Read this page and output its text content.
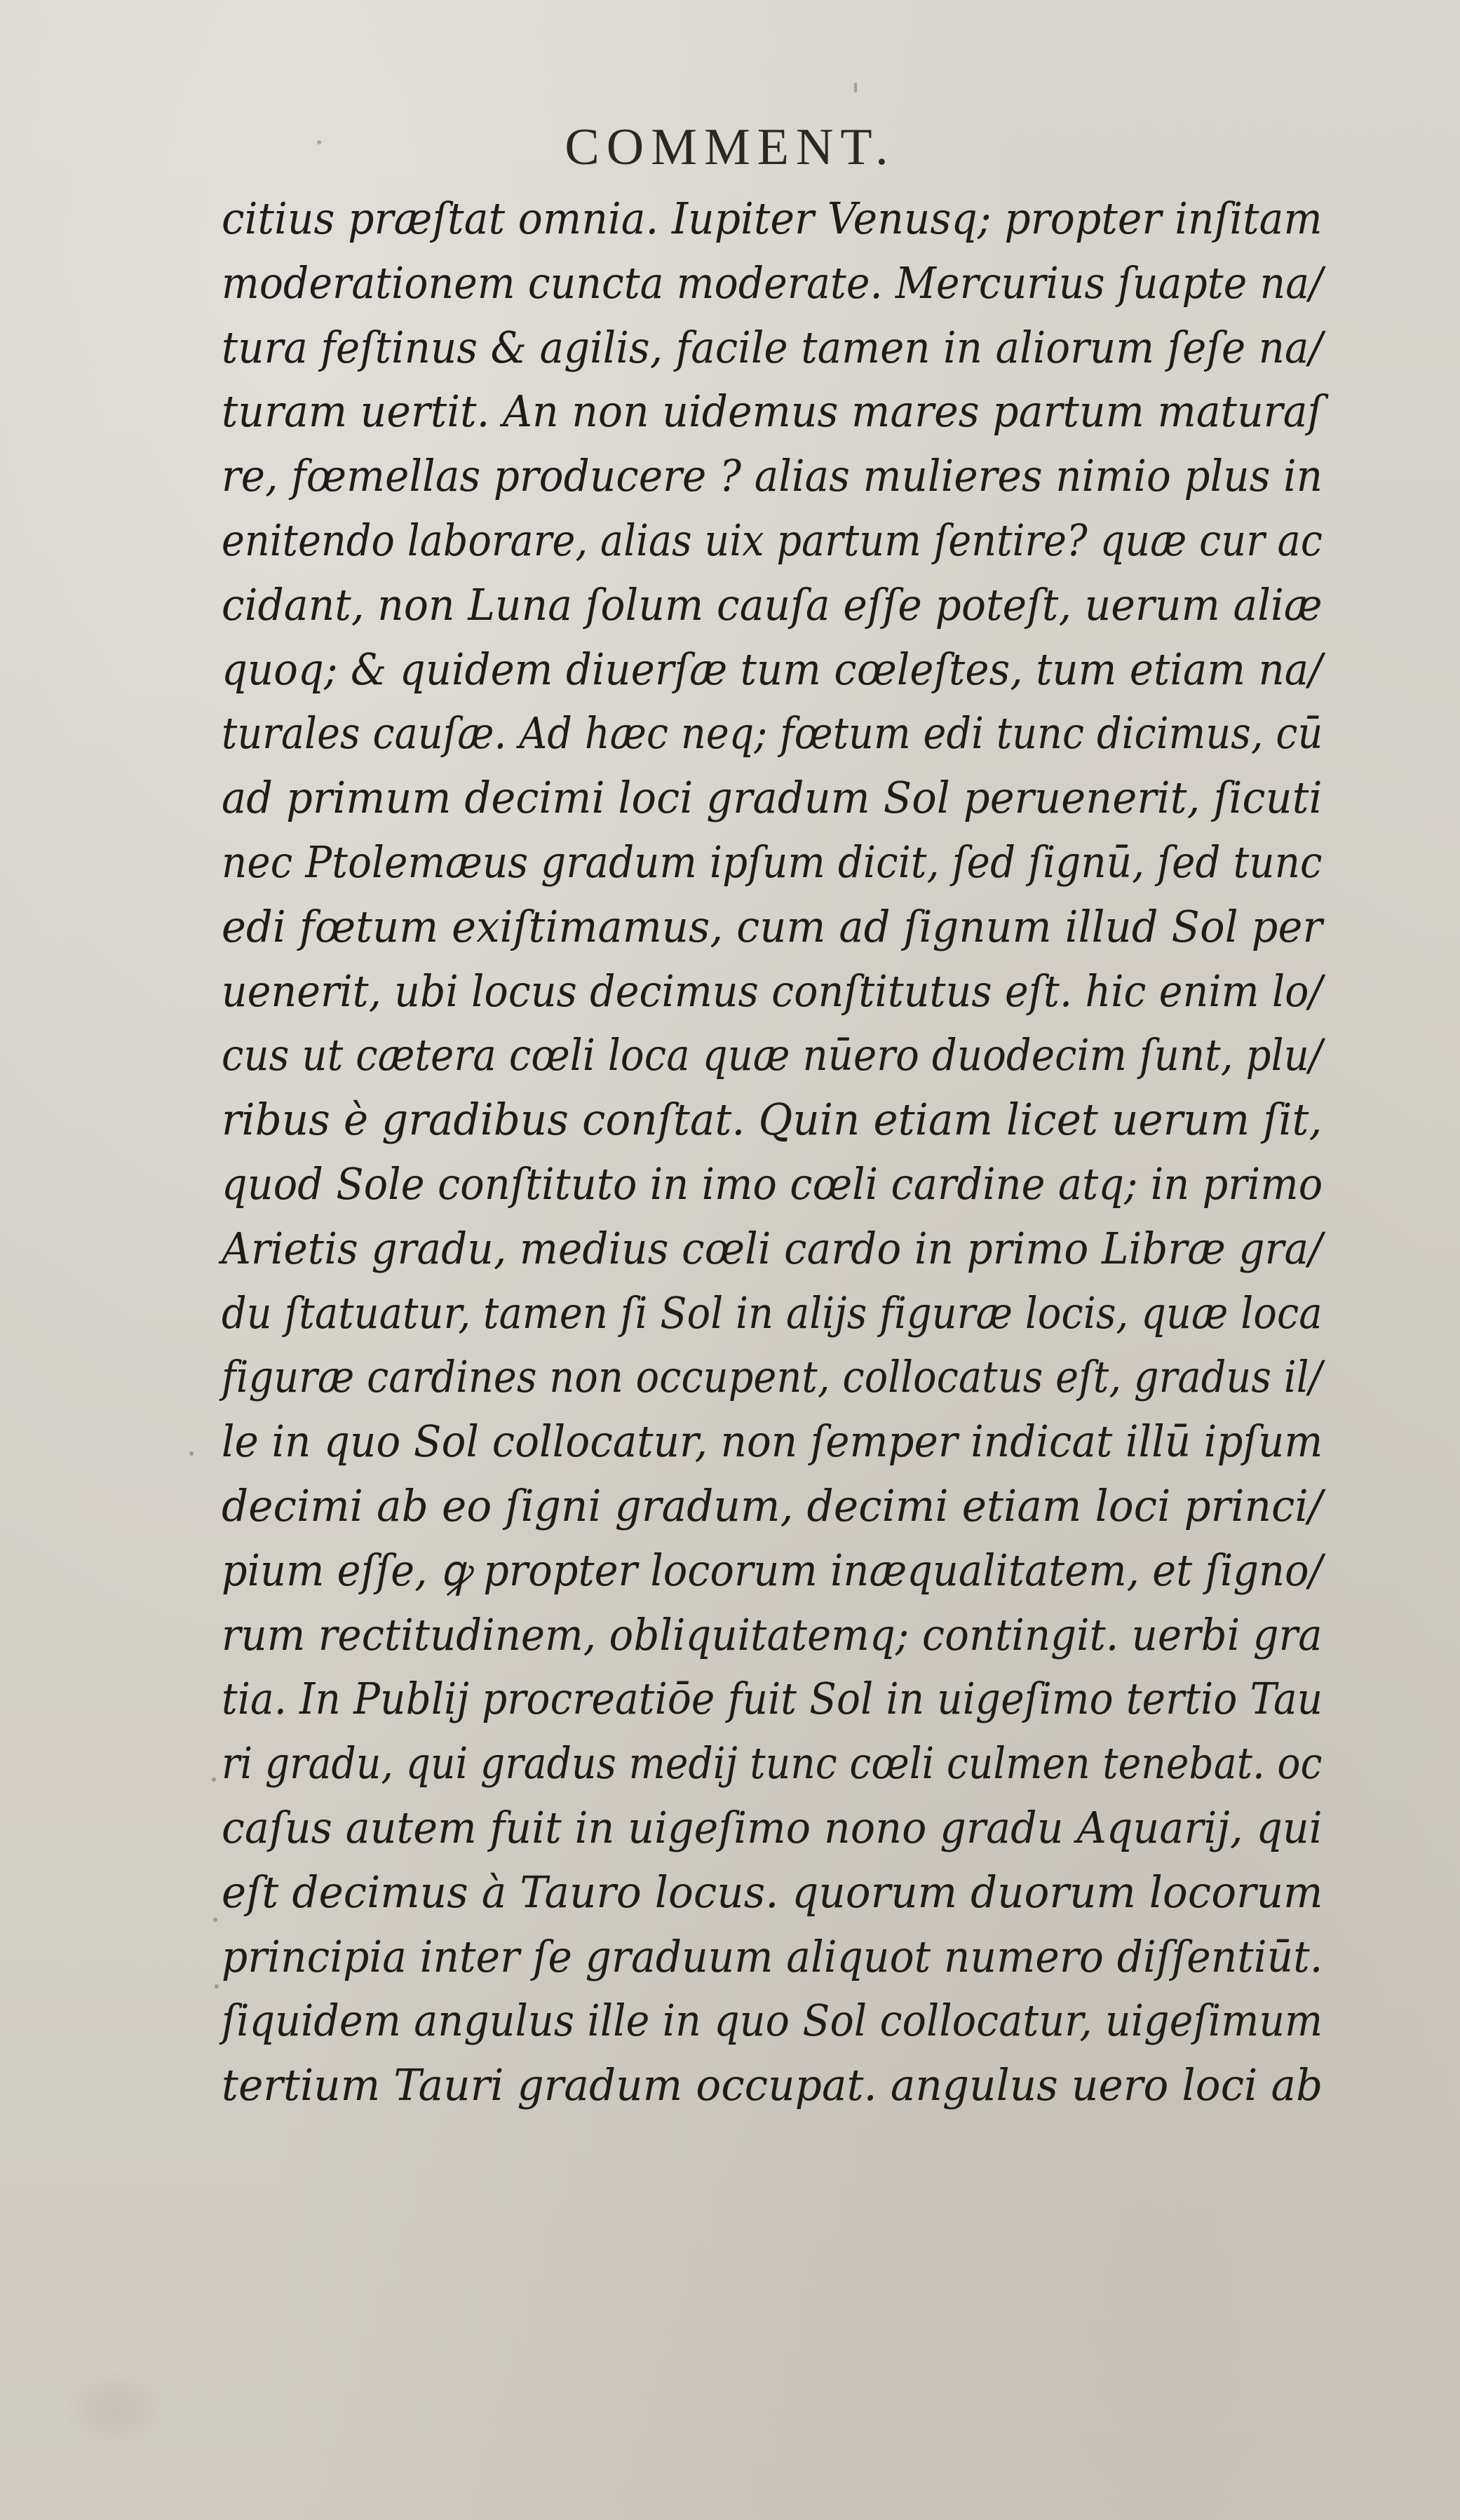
COMMENT.
citius præſtat omnia. Iupiter Venusq; propter inſitam
moderationem cuncta moderate. Mercurius ſuapte na/
tura feſtinus & agilis, facile tamen in aliorum ſeſe na/
turam uertit. An non uidemus mares partum maturaſ
re, fœmellas producere ? alias mulieres nimio plus in
enitendo laborare, alias uix partum ſentire? quæ cur ac
cidant, non Luna ſolum cauſa eſſe poteſt, uerum aliæ
quoq; & quidem diuerſæ tum cœleſtes, tum etiam na/
turales cauſæ. Ad hæc neq; fœtum edi tunc dicimus, cū
ad primum decimi loci gradum Sol peruenerit, ſicuti
nec Ptolemæus gradum ipſum dicit, ſed ſignū, ſed tunc
edi fœtum exiſtimamus, cum ad ſignum illud Sol per
uenerit, ubi locus decimus conſtitutus eſt. hic enim lo/
cus ut cætera cœli loca quæ nūero duodecim ſunt, plu/
ribus è gradibus conſtat. Quin etiam licet uerum ſit,
quod Sole conſtituto in imo cœli cardine atq; in primo
Arietis gradu, medius cœli cardo in primo Libræ gra/
du ſtatuatur, tamen ſi Sol in alijs figuræ locis, quæ loca
figuræ cardines non occupent, collocatus eſt, gradus il/
le in quo Sol collocatur, non ſemper indicat illū ipſum
decimi ab eo ſigni gradum, decimi etiam loci princi/
pium eſſe, ꝙ propter locorum inæqualitatem, et ſigno/
rum rectitudinem, obliquitatemq; contingit. uerbi gra
tia. In Publij procreatiōe fuit Sol in uigeſimo tertio Tau
ri gradu, qui gradus medij tunc cœli culmen tenebat. oc
caſus autem fuit in uigeſimo nono gradu Aquarij, qui
eſt decimus à Tauro locus. quorum duorum locorum
principia inter ſe graduum aliquot numero diſſentiūt.
ſiquidem angulus ille in quo Sol collocatur, uigeſimum
tertium Tauri gradum occupat. angulus uero loci ab
